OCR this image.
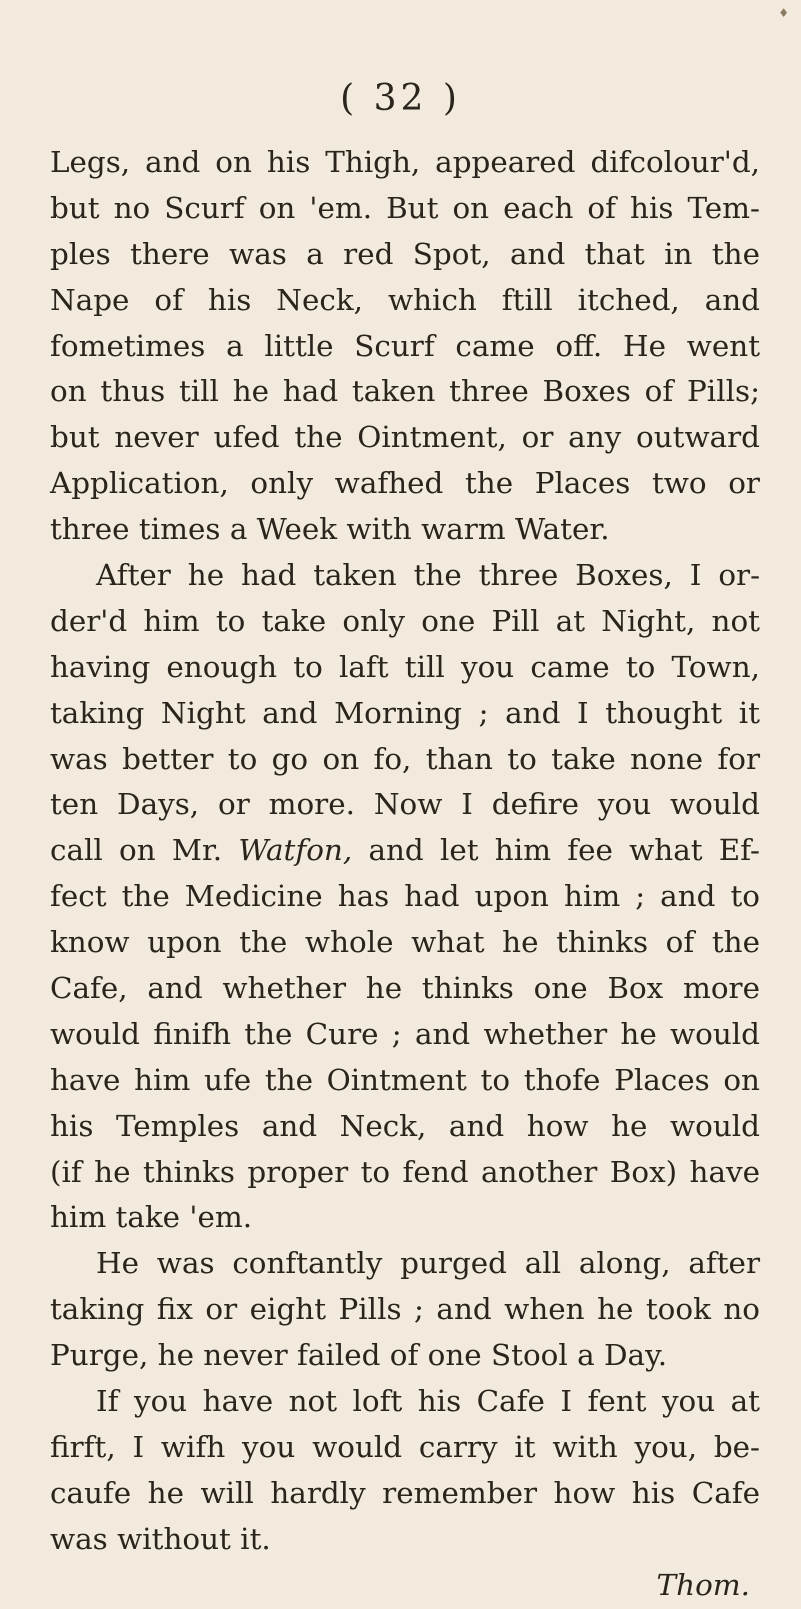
♦
( 32 )
Legs, and on his Thigh, appeared difcolour'd,
but no Scurf on 'em. But on each of his Tem-
ples there was a red Spot, and that in the
Nape of his Neck, which ftill itched, and
fometimes a little Scurf came off. He went
on thus till he had taken three Boxes of Pills;
but never ufed the Ointment, or any outward
Application, only wafhed the Places two or
three times a Week with warm Water.
After he had taken the three Boxes, I or-
der'd him to take only one Pill at Night, not
having enough to laft till you came to Town,
taking Night and Morning ; and I thought it
was better to go on fo, than to take none for
ten Days, or more. Now I defire you would
call on Mr. Watfon, and let him fee what Ef-
fect the Medicine has had upon him ; and to
know upon the whole what he thinks of the
Cafe, and whether he thinks one Box more
would finifh the Cure ; and whether he would
have him ufe the Ointment to thofe Places on
his Temples and Neck, and how he would
(if he thinks proper to fend another Box) have
him take 'em.
He was conftantly purged all along, after
taking fix or eight Pills ; and when he took no
Purge, he never failed of one Stool a Day.
If you have not loft his Cafe I fent you at
firft, I wifh you would carry it with you, be-
caufe he will hardly remember how his Cafe
was without it.
Thom.
